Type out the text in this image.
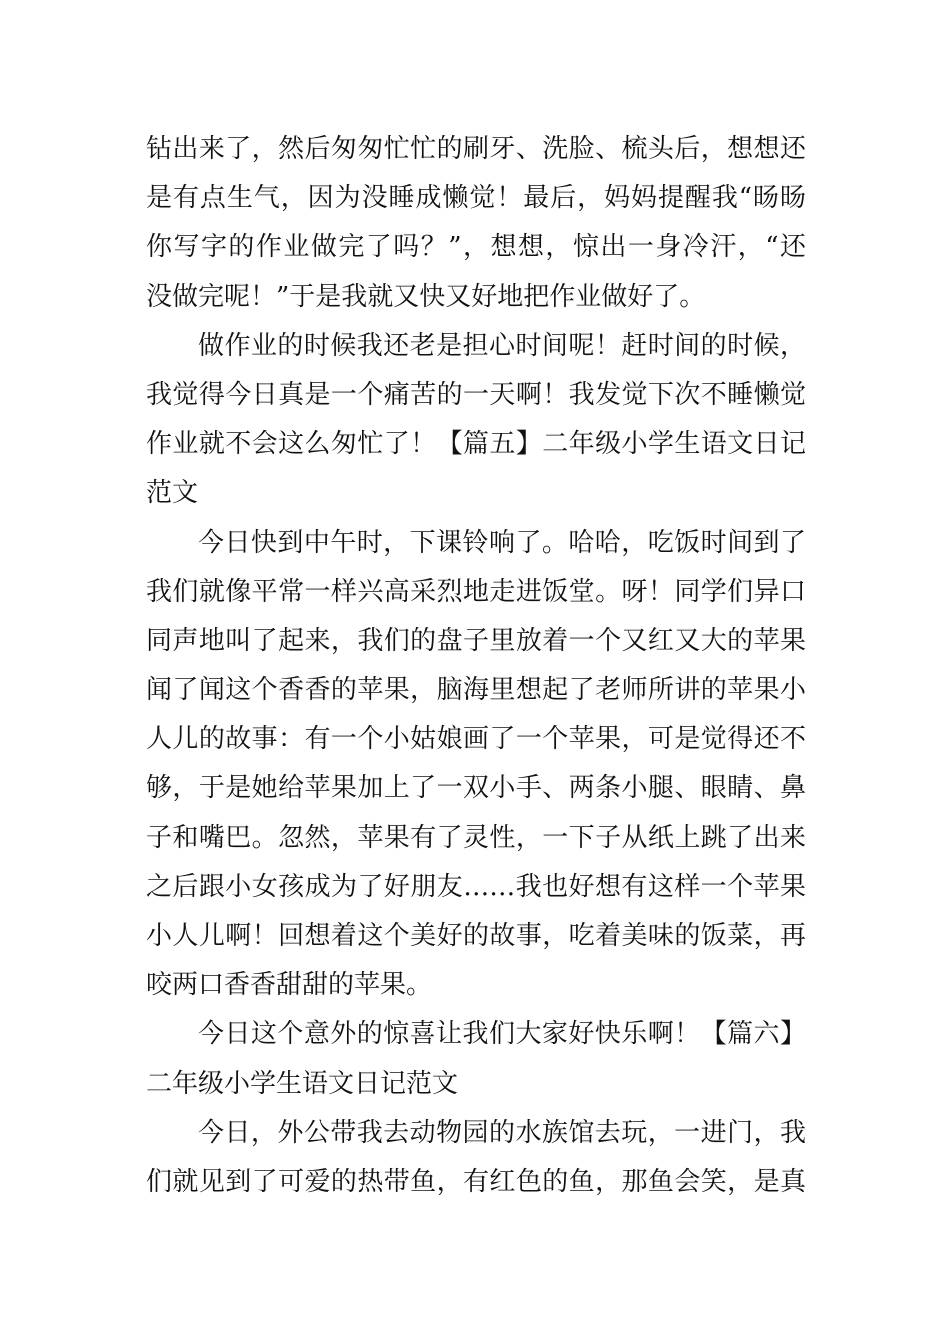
钻出来了，然后匆匆忙忙的刷牙、洗脸、梳头后，想想还
是有点生气，因为没睡成懒觉！最后，妈妈提醒我“旸旸
你写字的作业做完了吗？”，想想，惊出一身冷汗，“还
没做完呢！”于是我就又快又好地把作业做好了。
做作业的时候我还老是担心时间呢！赶时间的时候，
我觉得今日真是一个痛苦的一天啊！我发觉下次不睡懒觉
作业就不会这么匆忙了！【篇五】二年级小学生语文日记
范文
今日快到中午时，下课铃响了。哈哈，吃饭时间到了
我们就像平常一样兴高采烈地走进饭堂。呀！同学们异口
同声地叫了起来，我们的盘子里放着一个又红又大的苹果
闻了闻这个香香的苹果，脑海里想起了老师所讲的苹果小
人儿的故事：有一个小姑娘画了一个苹果，可是觉得还不
够，于是她给苹果加上了一双小手、两条小腿、眼睛、鼻
子和嘴巴。忽然，苹果有了灵性，一下子从纸上跳了出来
之后跟小女孩成为了好朋友……我也好想有这样一个苹果
小人儿啊！回想着这个美好的故事，吃着美味的饭菜，再
咬两口香香甜甜的苹果。
今日这个意外的惊喜让我们大家好快乐啊！【篇六】
二年级小学生语文日记范文
今日，外公带我去动物园的水族馆去玩，一进门，我
们就见到了可爱的热带鱼，有红色的鱼，那鱼会笑，是真
